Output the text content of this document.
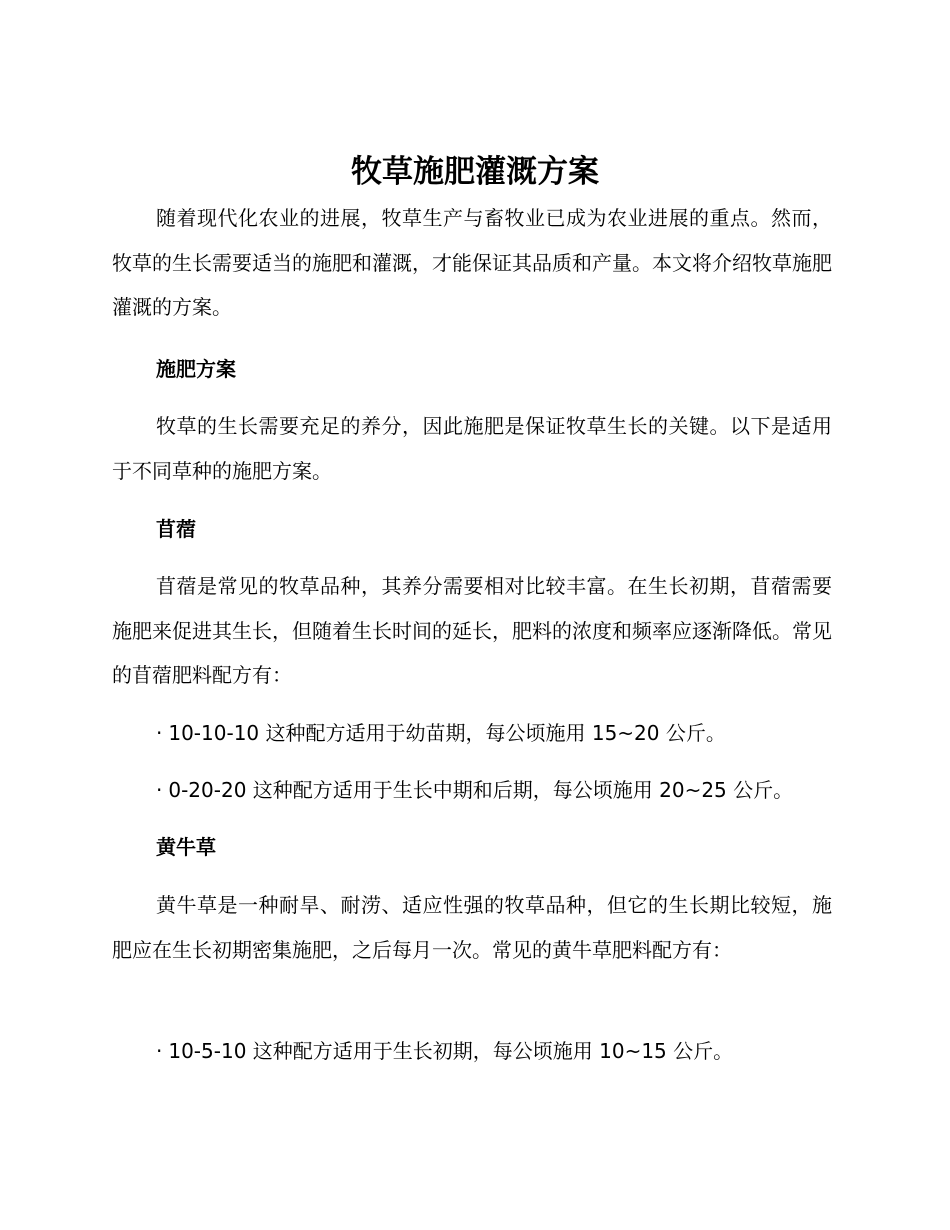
牧草施肥灌溉方案

随着现代化农业的进展，牧草生产与畜牧业已成为农业进展的重点。然而，牧草的生长需要适当的施肥和灌溉，才能保证其品质和产量。本文将介绍牧草施肥灌溉的方案。

施肥方案

牧草的生长需要充足的养分，因此施肥是保证牧草生长的关键。以下是适用于不同草种的施肥方案。

苜蓿

苜蓿是常见的牧草品种，其养分需要相对比较丰富。在生长初期，苜蓿需要施肥来促进其生长，但随着生长时间的延长，肥料的浓度和频率应逐渐降低。常见的苜蓿肥料配方有：

· 10-10-10 这种配方适用于幼苗期，每公顷施用 15~20 公斤。

· 0-20-20 这种配方适用于生长中期和后期，每公顷施用 20~25 公斤。

黄牛草

黄牛草是一种耐旱、耐涝、适应性强的牧草品种，但它的生长期比较短，施肥应在生长初期密集施肥，之后每月一次。常见的黄牛草肥料配方有：

· 10-5-10 这种配方适用于生长初期，每公顷施用 10~15 公斤。
